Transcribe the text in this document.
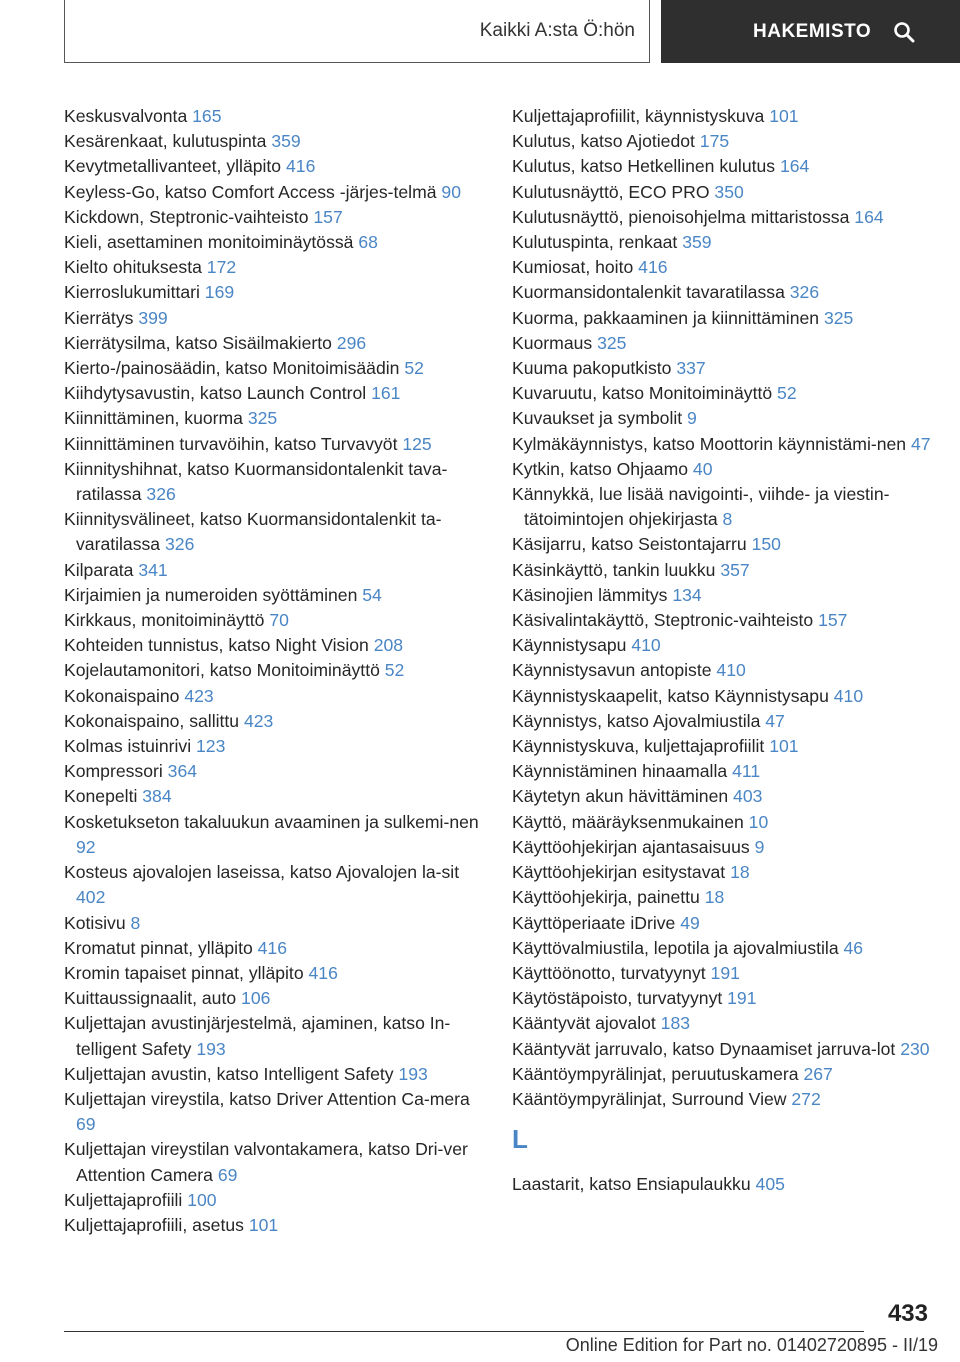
Kaikki A:sta Ö:hön	HAKEMISTO
Keskusvalvonta 165
Kesärenkaat, kulutuspinta 359
Kevytmetallivanteet, ylläpito 416
Keyless-Go, katso Comfort Access -järjes‐telmä 90
Kickdown, Steptronic-vaihteisto 157
Kieli, asettaminen monitoiminäytössä 68
Kielto ohituksesta 172
Kierroslukumittari 169
Kierrätys 399
Kierrätysilma, katso Sisäilmakierto 296
Kierto-/painosäädin, katso Monitoimisäädin 52
Kiihdytysavustin, katso Launch Control 161
Kiinnittäminen, kuorma 325
Kiinnittäminen turvavöihin, katso Turvavyöt 125
Kiinnityshihnat, katso Kuormansidontalenkit tava‐ratilassa 326
Kiinnitysvälineet, katso Kuormansidontalenkit ta‐varatilassa 326
Kilparata 341
Kirjaimien ja numeroiden syöttäminen 54
Kirkkaus, monitoiminäyttö 70
Kohteiden tunnistus, katso Night Vision 208
Kojelautamonitori, katso Monitoiminäyttö 52
Kokonaispaino 423
Kokonaispaino, sallittu 423
Kolmas istuinrivi 123
Kompressori 364
Konepelti 384
Kosketukseton takaluukun avaaminen ja sulkemi‐nen 92
Kosteus ajovalojen laseissa, katso Ajovalojen la‐sit 402
Kotisivu 8
Kromatut pinnat, ylläpito 416
Kromin tapaiset pinnat, ylläpito 416
Kuittaussignaalit, auto 106
Kuljettajan avustinjärjestelmä, ajaminen, katso In‐telligent Safety 193
Kuljettajan avustin, katso Intelligent Safety 193
Kuljettajan vireystila, katso Driver Attention Ca‐mera 69
Kuljettajan vireystilan valvontakamera, katso Dri‐ver Attention Camera 69
Kuljettajaprofiili 100
Kuljettajaprofiili, asetus 101
Kuljettajaprofiilit, käynnistyskuva 101
Kulutus, katso Ajotiedot 175
Kulutus, katso Hetkellinen kulutus 164
Kulutusnäyttö, ECO PRO 350
Kulutusnäyttö, pienoisohjelma mittaristossa 164
Kulutuspinta, renkaat 359
Kumiosat, hoito 416
Kuormansidontalenkit tavaratilassa 326
Kuorma, pakkaaminen ja kiinnittäminen 325
Kuormaus 325
Kuuma pakoputkisto 337
Kuvaruutu, katso Monitoiminäyttö 52
Kuvaukset ja symbolit 9
Kylmäkäynnistys, katso Moottorin käynnistämi‐nen 47
Kytkin, katso Ohjaamo 40
Kännykkä, lue lisää navigointi-, viihde- ja viestin‐tätoimintojen ohjekirjasta 8
Käsijarru, katso Seistontajarru 150
Käsinkäyttö, tankin luukku 357
Käsinojien lämmitys 134
Käsivalintakäyttö, Steptronic-vaihteisto 157
Käynnistysapu 410
Käynnistysavun antopiste 410
Käynnistyskaapelit, katso Käynnistysapu 410
Käynnistys, katso Ajovalmiustila 47
Käynnistyskuva, kuljettajaprofiilit 101
Käynnistäminen hinaamalla 411
Käytetyn akun hävittäminen 403
Käyttö, määräyksenmukainen 10
Käyttöohjekirjan ajantasaisuus 9
Käyttöohjekirjan esitystavat 18
Käyttöohjekirja, painettu 18
Käyttöperiaate iDrive 49
Käyttövalmiustila, lepotila ja ajovalmiustila 46
Käyttöönotto, turvatyynyt 191
Käytöstäpoisto, turvatyynyt 191
Kääntyvät ajovalot 183
Kääntyvät jarruvalo, katso Dynaamiset jarruva‐lot 230
Kääntöympyrälinjat, peruutuskamera 267
Kääntöympyrälinjat, Surround View 272
L
Laastarit, katso Ensiapulaukku 405
433
Online Edition for Part no. 01402720895 - II/19
